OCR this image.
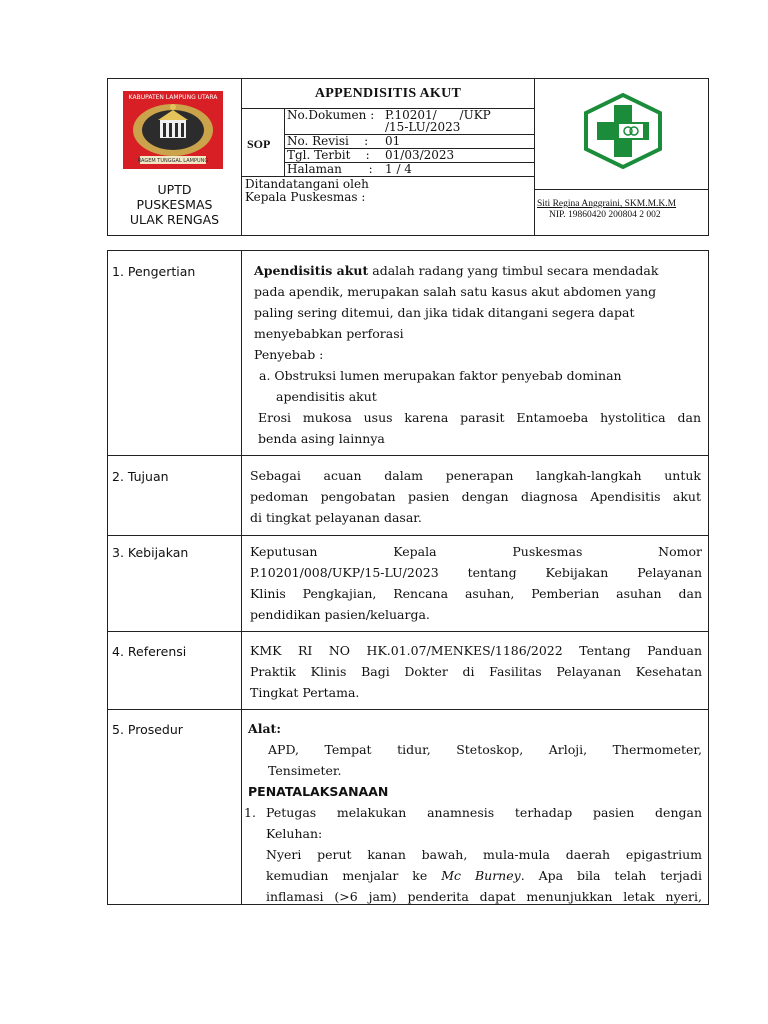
KABUPATEN LAMPUNG UTARA
RAGEM TUNGGAL LAMPUNG
UPTD
PUSKESMAS
ULAK RENGAS
APPENDISITIS AKUT
SOP
No.Dokumen : P.10201/      /UKP
/15-LU/2023
No. Revisi    : 01
Tgl. Terbit    : 01/03/2023
Halaman       : 1 / 4
Ditandatangani oleh
Kepala Puskesmas :	Siti Regina Anggraini, SKM.M.K.M
NIP. 19860420 200804 2 002
1. Pengertian	Apendisitis akut adalah radang yang timbul secara mendadak
pada apendik, merupakan salah satu kasus akut abdomen yang
paling sering ditemui, dan jika tidak ditangani segera dapat
menyebabkan perforasi
Penyebab :
a. Obstruksi lumen merupakan faktor penyebab dominan
apendisitis akut
Erosi mukosa usus karena parasit Entamoeba hystolitica dan
benda asing lainnya
2. Tujuan	Sebagai acuan dalam penerapan langkah-langkah untuk
pedoman pengobatan pasien dengan diagnosa Apendisitis akut
di tingkat pelayanan dasar.
3. Kebijakan	Keputusan Kepala Puskesmas Nomor
P.10201/008/UKP/15-LU/2023 tentang Kebijakan Pelayanan
Klinis Pengkajian, Rencana asuhan, Pemberian asuhan dan
pendidikan pasien/keluarga.
4. Referensi	KMK RI NO HK.01.07/MENKES/1186/2022 Tentang Panduan
Praktik Klinis Bagi Dokter di Fasilitas Pelayanan Kesehatan
Tingkat Pertama.
5. Prosedur	Alat:
APD, Tempat tidur, Stetoskop, Arloji, Thermometer,
Tensimeter.
PENATALAKSANAAN
1. Petugas melakukan anamnesis terhadap pasien dengan
Keluhan:
Nyeri perut kanan bawah, mula-mula daerah epigastrium
kemudian menjalar ke Mc Burney. Apa bila telah terjadi
inflamasi (>6 jam) penderita dapat menunjukkan letak nyeri,
